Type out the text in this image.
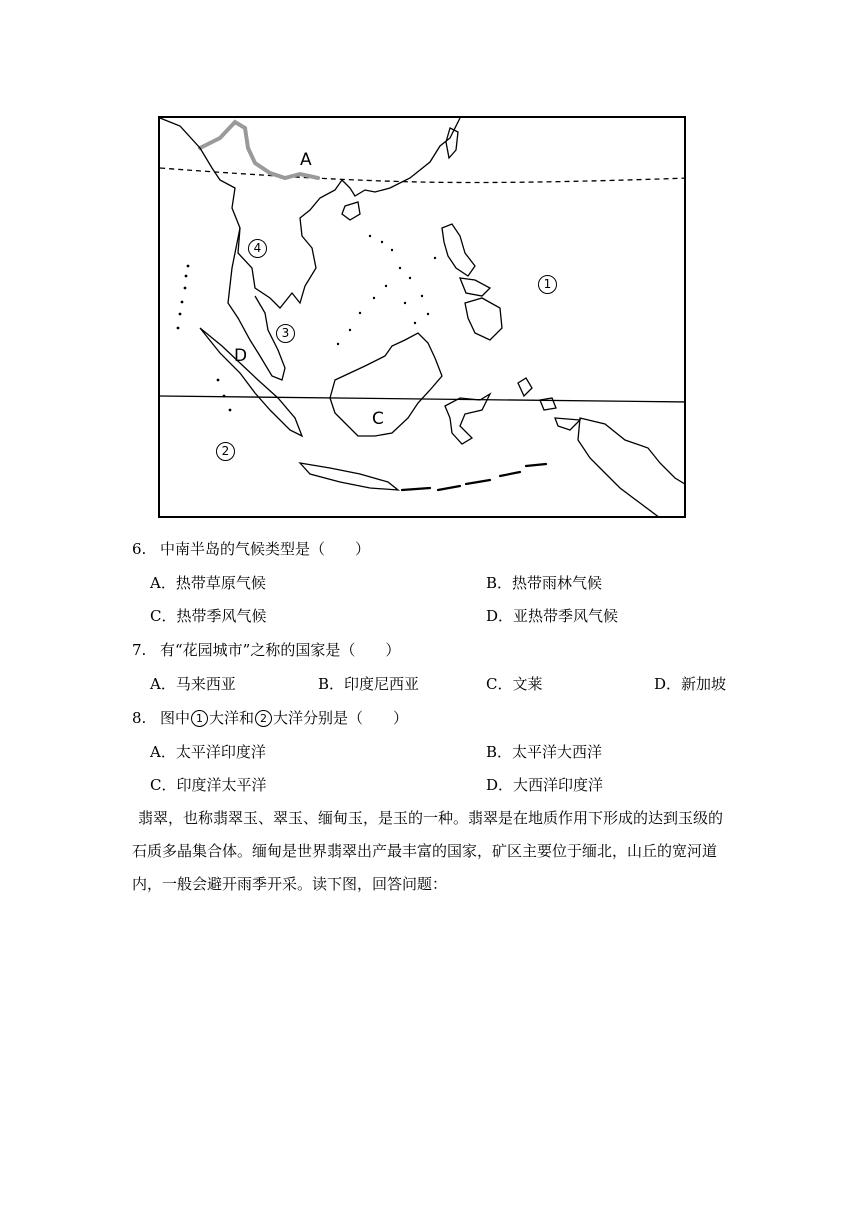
A
C
D
1
2
3
4
6. 中南半岛的气候类型是（　　）
A．热带草原气候	B．热带雨林气候
C．热带季风气候	D．亚热带季风气候
7. 有“花园城市”之称的国家是（　　）
A．马来西亚	B．印度尼西亚	C．文莱	D．新加坡
8. 图中 1 大洋和 2 大洋分别是（　　）
A．太平洋印度洋	B．太平洋大西洋
C．印度洋太平洋	D．大西洋印度洋
翡翠，也称翡翠玉、翠玉、缅甸玉，是玉的一种。翡翠是在地质作用下形成的达到玉级的石质多晶集合体。缅甸是世界翡翠出产最丰富的国家，矿区主要位于缅北，山丘的宽河道内，一般会避开雨季开采。读下图，回答问题：
